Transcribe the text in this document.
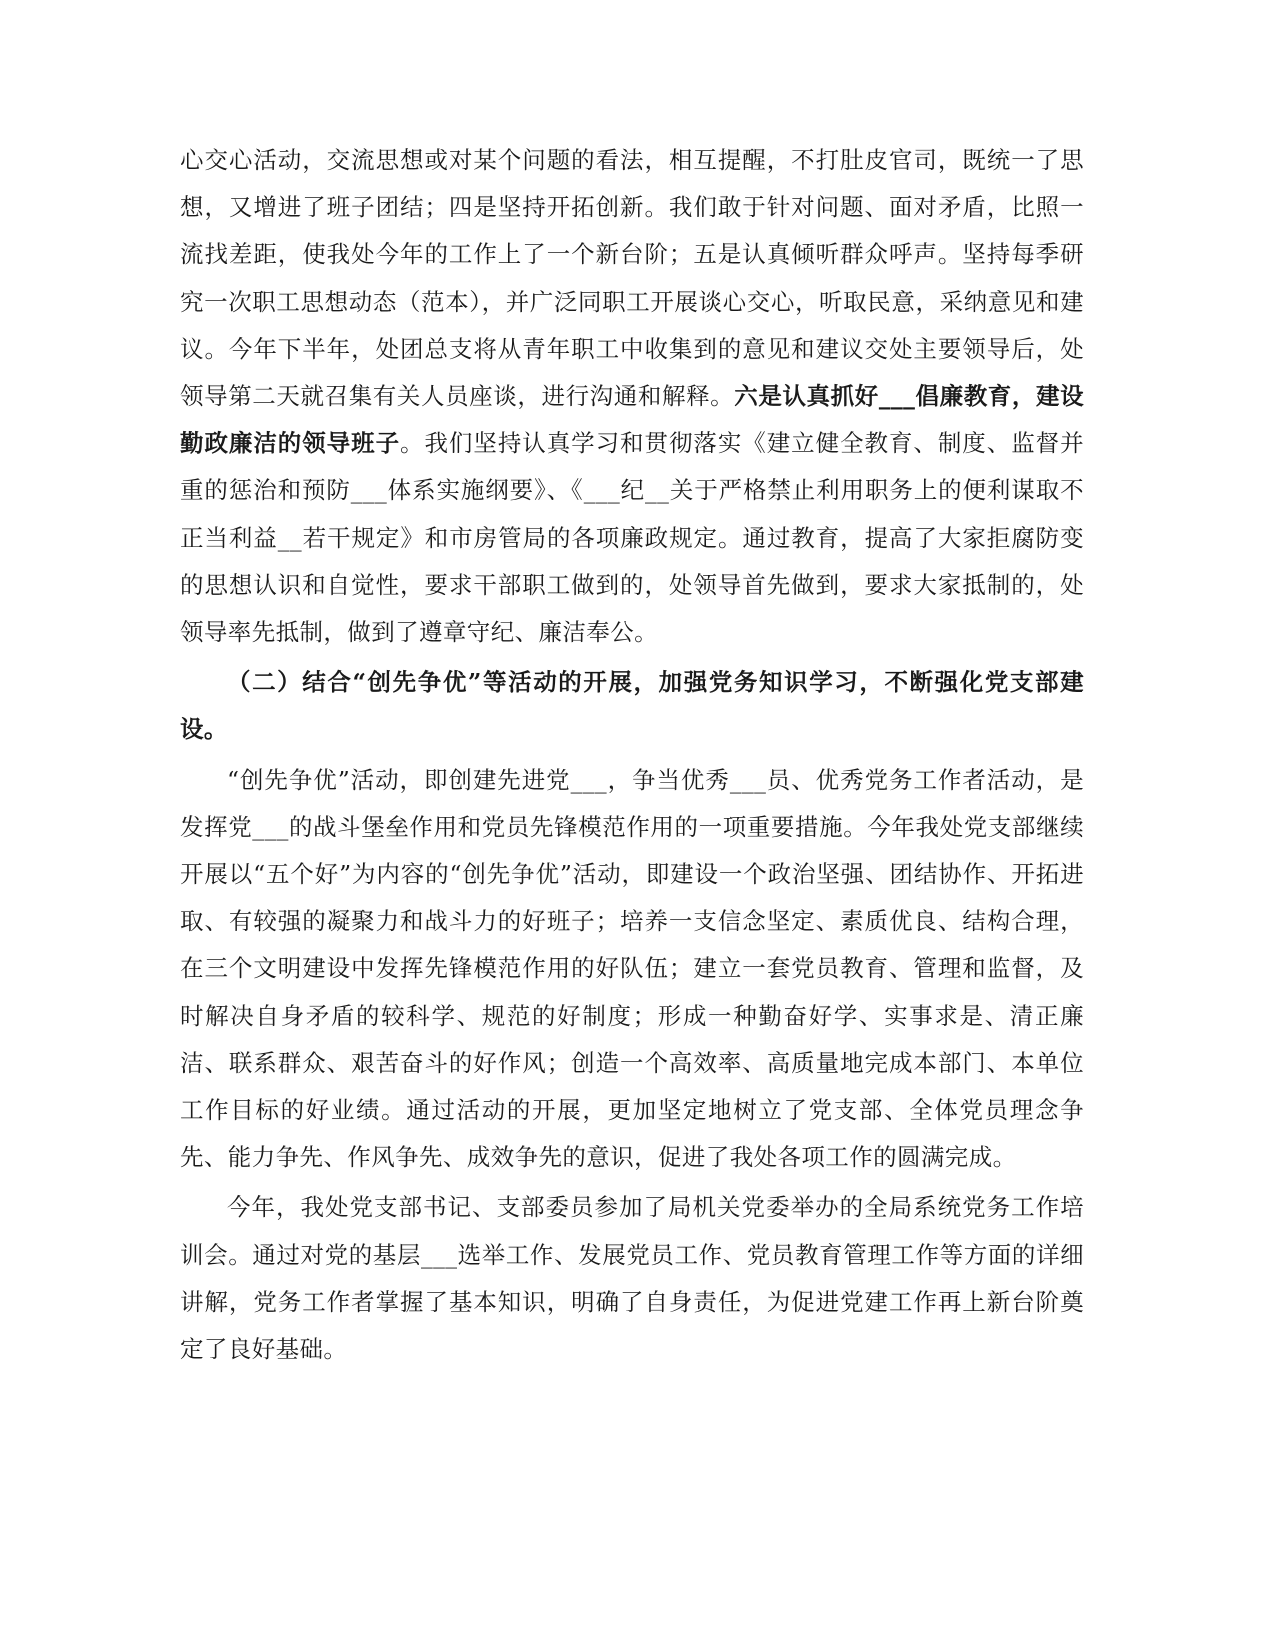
心交心活动，交流思想或对某个问题的看法，相互提醒，不打肚皮官司，既统一了思想，又增进了班子团结；四是坚持开拓创新。我们敢于针对问题、面对矛盾，比照一流找差距，使我处今年的工作上了一个新台阶；五是认真倾听群众呼声。坚持每季研究一次职工思想动态（范本），并广泛同职工开展谈心交心，听取民意，采纳意见和建议。今年下半年，处团总支将从青年职工中收集到的意见和建议交处主要领导后，处领导第二天就召集有关人员座谈，进行沟通和解释。六是认真抓好___倡廉教育，建设勤政廉洁的领导班子。我们坚持认真学习和贯彻落实《建立健全教育、制度、监督并重的惩治和预防___体系实施纲要》、《___纪__关于严格禁止利用职务上的便利谋取不正当利益__若干规定》和市房管局的各项廉政规定。通过教育，提高了大家拒腐防变的思想认识和自觉性，要求干部职工做到的，处领导首先做到，要求大家抵制的，处领导率先抵制，做到了遵章守纪、廉洁奉公。

（二）结合“创先争优”等活动的开展，加强党务知识学习，不断强化党支部建设。

“创先争优”活动，即创建先进党___，争当优秀___员、优秀党务工作者活动，是发挥党___的战斗堡垒作用和党员先锋模范作用的一项重要措施。今年我处党支部继续开展以“五个好”为内容的“创先争优”活动，即建设一个政治坚强、团结协作、开拓进取、有较强的凝聚力和战斗力的好班子；培养一支信念坚定、素质优良、结构合理，在三个文明建设中发挥先锋模范作用的好队伍；建立一套党员教育、管理和监督，及时解决自身矛盾的较科学、规范的好制度；形成一种勤奋好学、实事求是、清正廉洁、联系群众、艰苦奋斗的好作风；创造一个高效率、高质量地完成本部门、本单位工作目标的好业绩。通过活动的开展，更加坚定地树立了党支部、全体党员理念争先、能力争先、作风争先、成效争先的意识，促进了我处各项工作的圆满完成。

今年，我处党支部书记、支部委员参加了局机关党委举办的全局系统党务工作培训会。通过对党的基层___选举工作、发展党员工作、党员教育管理工作等方面的详细讲解，党务工作者掌握了基本知识，明确了自身责任，为促进党建工作再上新台阶奠定了良好基础。
